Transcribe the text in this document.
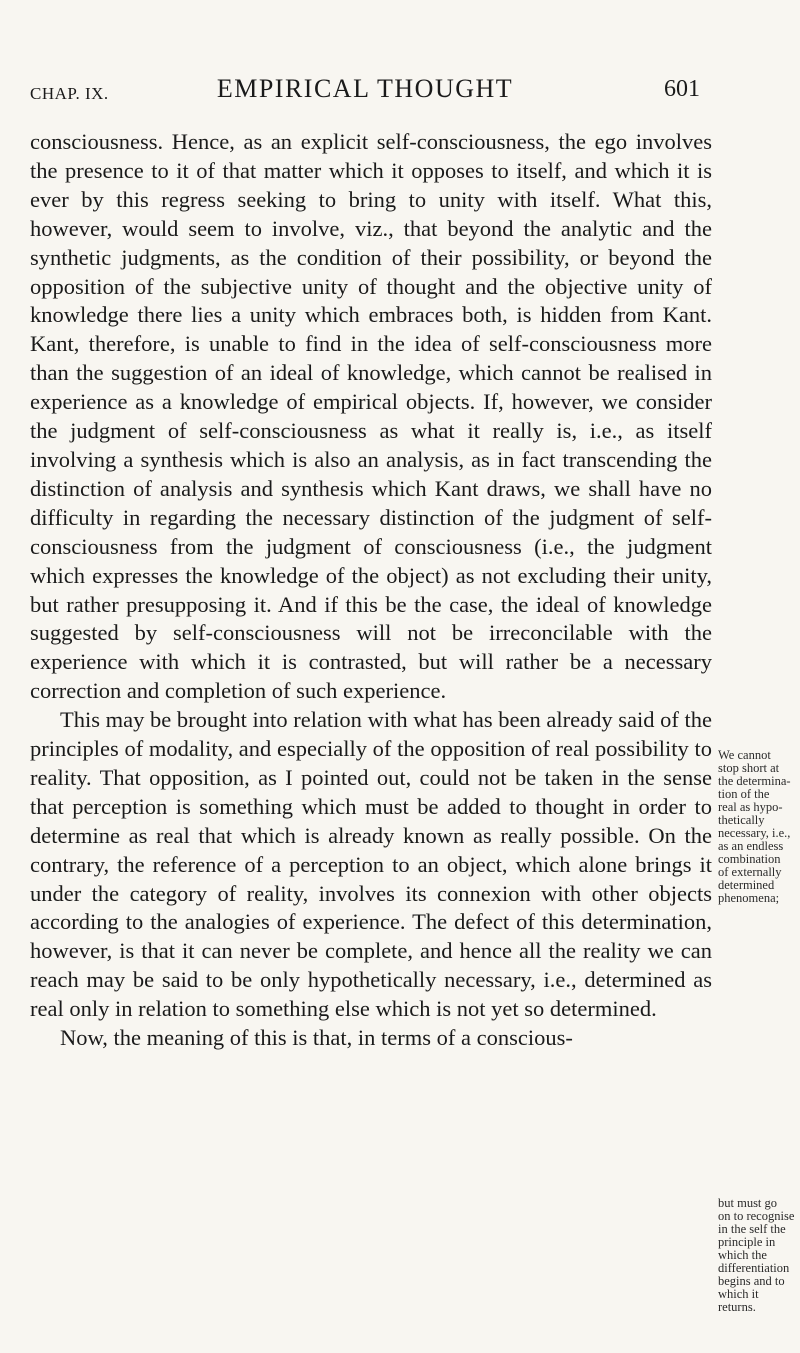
CHAP. IX.	EMPIRICAL THOUGHT	601

consciousness. Hence, as an explicit self-consciousness, the ego involves the presence to it of that matter which it opposes to itself, and which it is ever by this regress seeking to bring to unity with itself. What this, however, would seem to involve, viz., that beyond the analytic and the synthetic judgments, as the condition of their possibility, or beyond the opposition of the subjective unity of thought and the objective unity of knowledge there lies a unity which embraces both, is hidden from Kant. Kant, therefore, is unable to find in the idea of self-consciousness more than the suggestion of an ideal of knowledge, which cannot be realised in experience as a knowledge of empirical objects. If, however, we consider the judgment of self-consciousness as what it really is, i.e., as itself involving a synthesis which is also an analysis, as in fact transcending the distinction of analysis and synthesis which Kant draws, we shall have no difficulty in regarding the necessary distinction of the judgment of self-consciousness from the judgment of consciousness (i.e., the judgment which expresses the knowledge of the object) as not excluding their unity, but rather presupposing it. And if this be the case, the ideal of knowledge suggested by self-consciousness will not be irreconcilable with the experience with which it is contrasted, but will rather be a necessary correction and completion of such experience.

This may be brought into relation with what has been already said of the principles of modality, and especially of the opposition of real possibility to reality. That opposition, as I pointed out, could not be taken in the sense that perception is something which must be added to thought in order to determine as real that which is already known as really possible. On the contrary, the reference of a perception to an object, which alone brings it under the category of reality, involves its connexion with other objects according to the analogies of experience. The defect of this determination, however, is that it can never be complete, and hence all the reality we can reach may be said to be only hypothetically necessary, i.e., determined as real only in relation to something else which is not yet so determined.

Now, the meaning of this is that, in terms of a conscious-

We cannot
stop short at
the determina-
tion of the
real as hypo-
thetically
necessary, i.e.,
as an endless
combination
of externally
determined
phenomena;
but must go
on to recognise
in the self the
principle in
which the
differentiation
begins and to
which it
returns.
